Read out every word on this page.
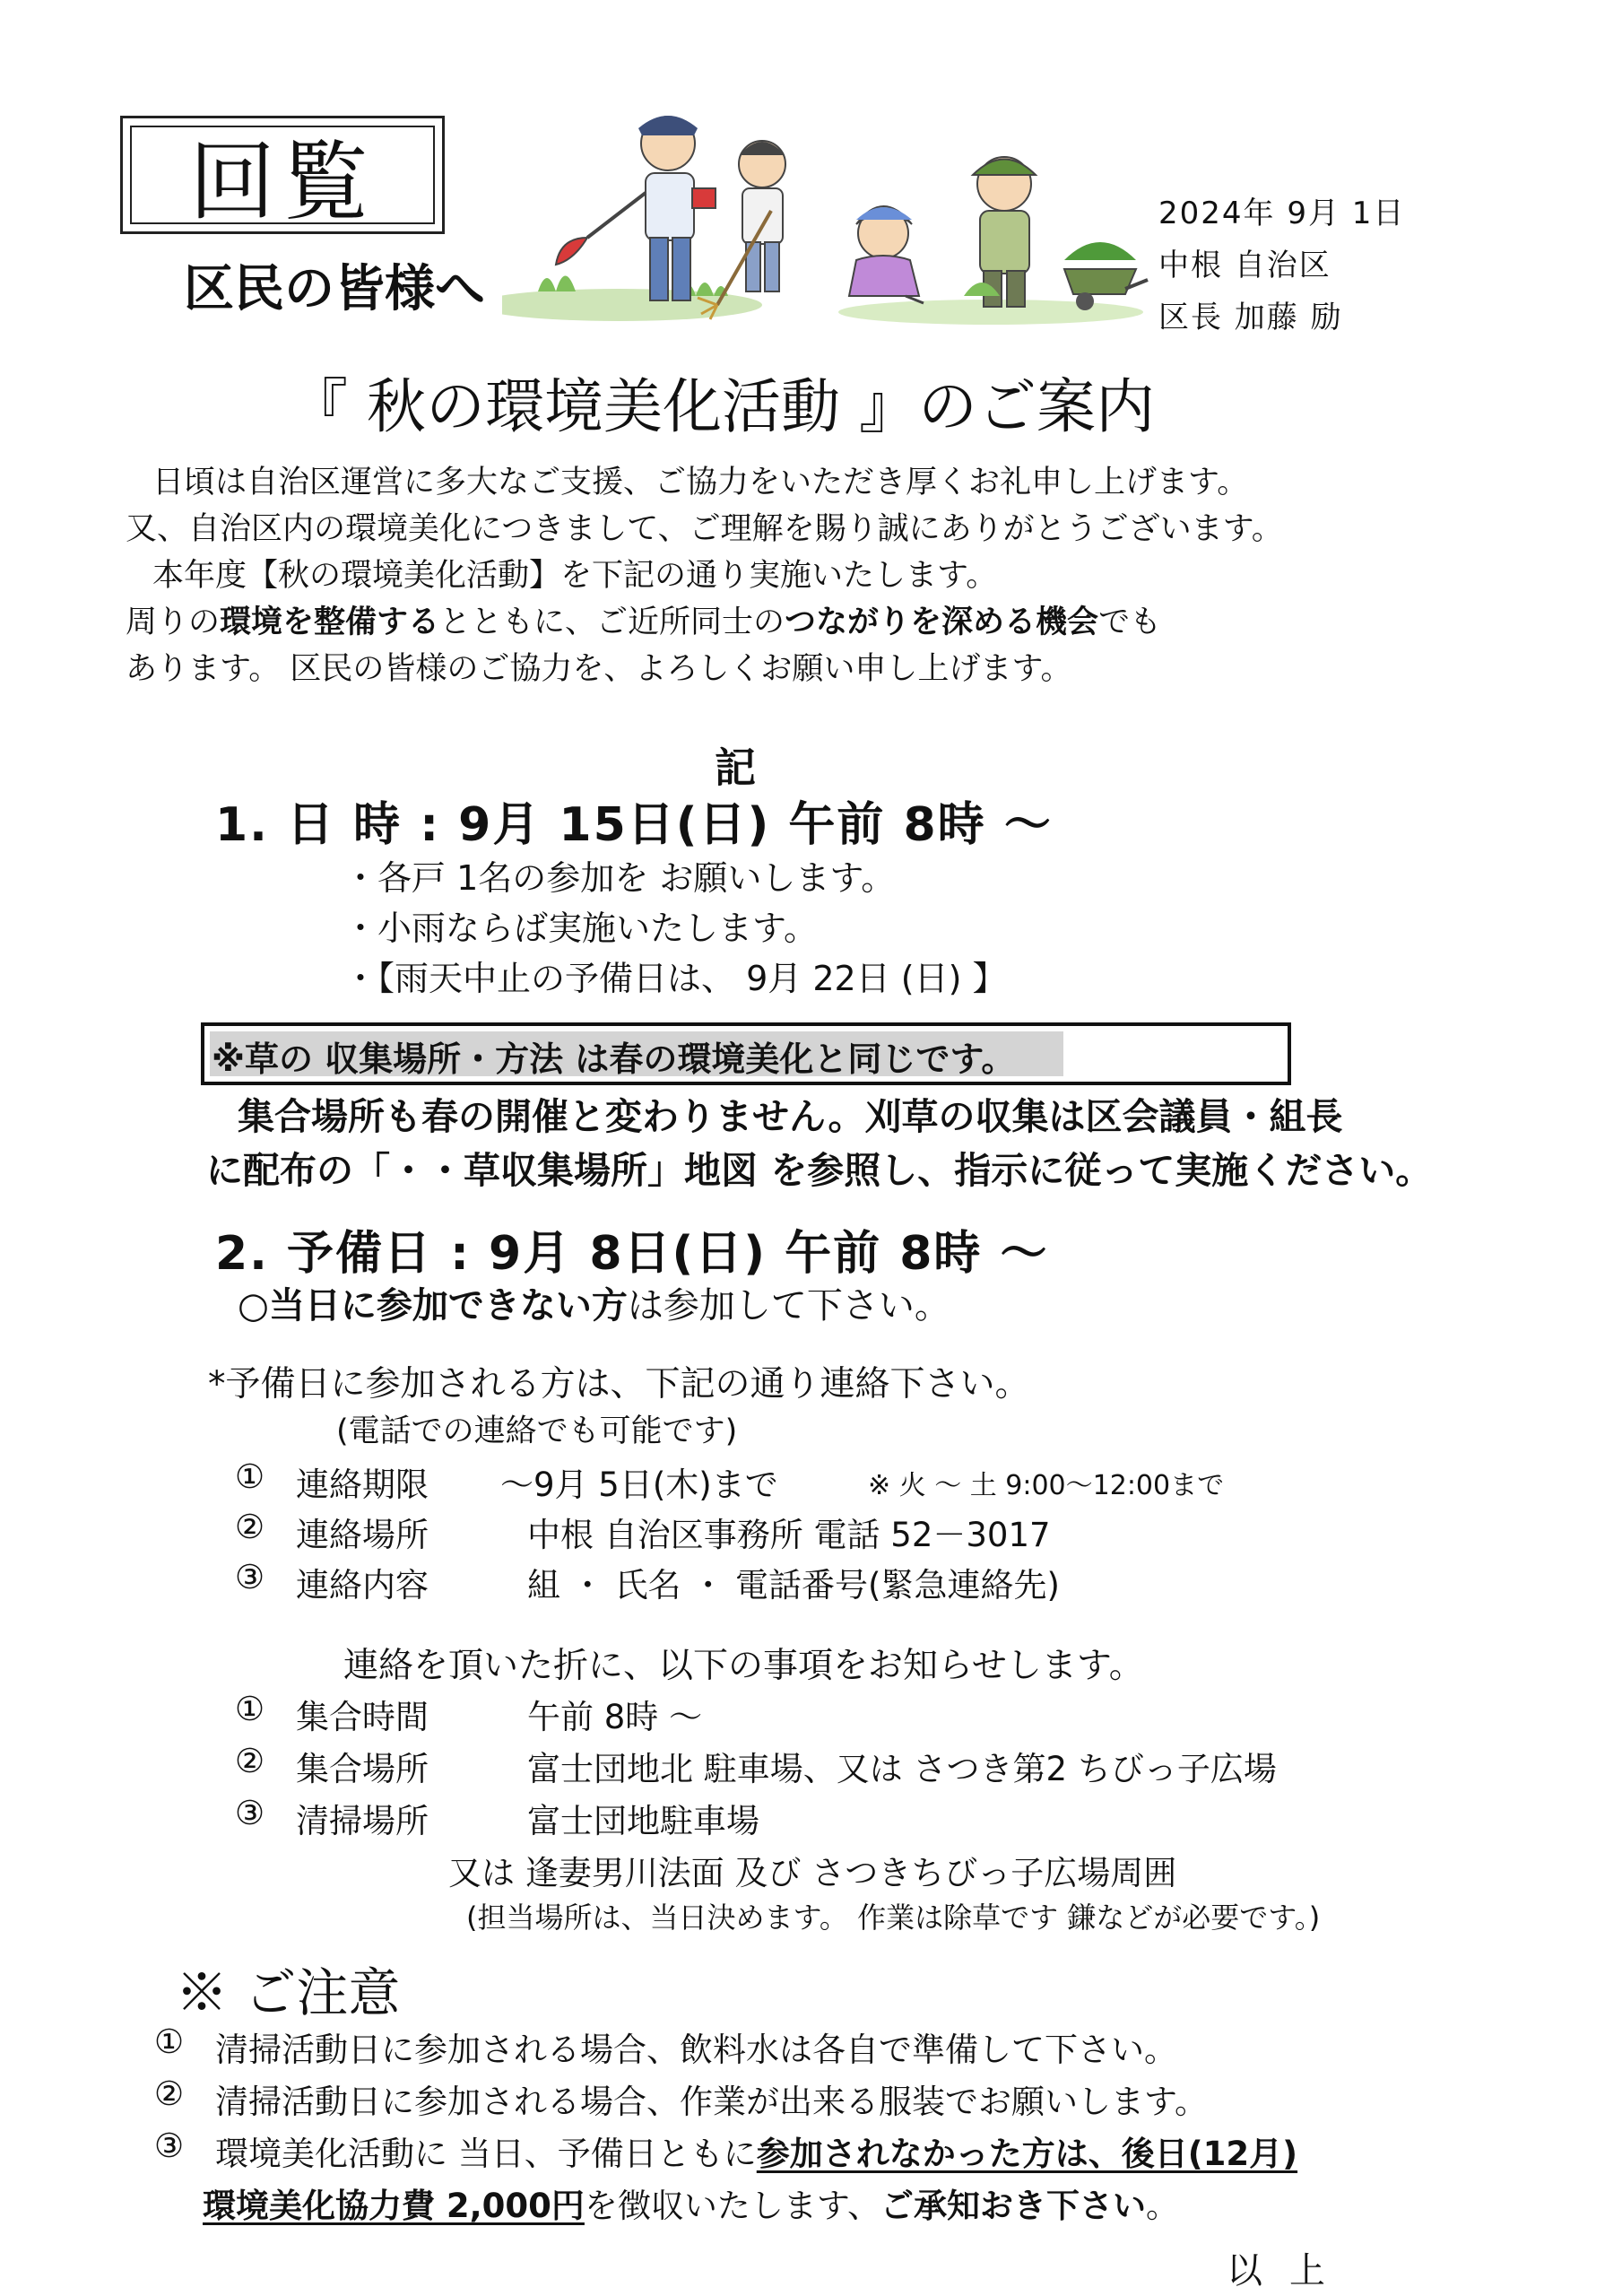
回覧
区民の皆様へ
2024年 9月 1日
中根 自治区
区長 加藤 励
『 秋の環境美化活動 』のご案内
日頃は自治区運営に多大なご支援、ご協力をいただき厚くお礼申し上げます。
又、自治区内の環境美化につきまして、ご理解を賜り誠にありがとうございます。
本年度【秋の環境美化活動】を下記の通り実施いたします。
周りの環境を整備するとともに、ご近所同士のつながりを深める機会でも
あります。 区民の皆様のご協力を、よろしくお願い申し上げます。
記
1. 日 時 : 9月 15日(日) 午前 8時 ～
・各戸 1名の参加を お願いします。
・小雨ならば実施いたします。
・【雨天中止の予備日は、 9月 22日 (日) 】
※草の 収集場所・方法 は春の環境美化と同じです。
集合場所も春の開催と変わりません。刈草の収集は区会議員・組長
に配布の「・・草収集場所」地図 を参照し、指示に従って実施ください。
2. 予備日 : 9月 8日(日) 午前 8時 ～
○当日に参加できない方は参加して下さい。
*予備日に参加される方は、下記の通り連絡下さい。
(電話での連絡でも可能です)
① 連絡期限 ～9月 5日(木)まで	※ 火 ～ 土 9:00～12:00まで
② 連絡場所	中根 自治区事務所 電話 52－3017
③ 連絡内容	組 ・ 氏名 ・ 電話番号(緊急連絡先)
連絡を頂いた折に、以下の事項をお知らせします。
① 集合時間	午前 8時 ～
② 集合場所	富士団地北 駐車場、又は さつき第2 ちびっ子広場
③ 清掃場所	富士団地駐車場
又は 逢妻男川法面 及び さつきちびっ子広場周囲
(担当場所は、当日決めます。 作業は除草です 鎌などが必要です。)
※ ご注意
① 清掃活動日に参加される場合、飲料水は各自で準備して下さい。
② 清掃活動日に参加される場合、作業が出来る服装でお願いします。
③ 環境美化活動に 当日、予備日ともに参加されなかった方は、後日(12月)
環境美化協力費 2,000円を徴収いたします、ご承知おき下さい。
以上
